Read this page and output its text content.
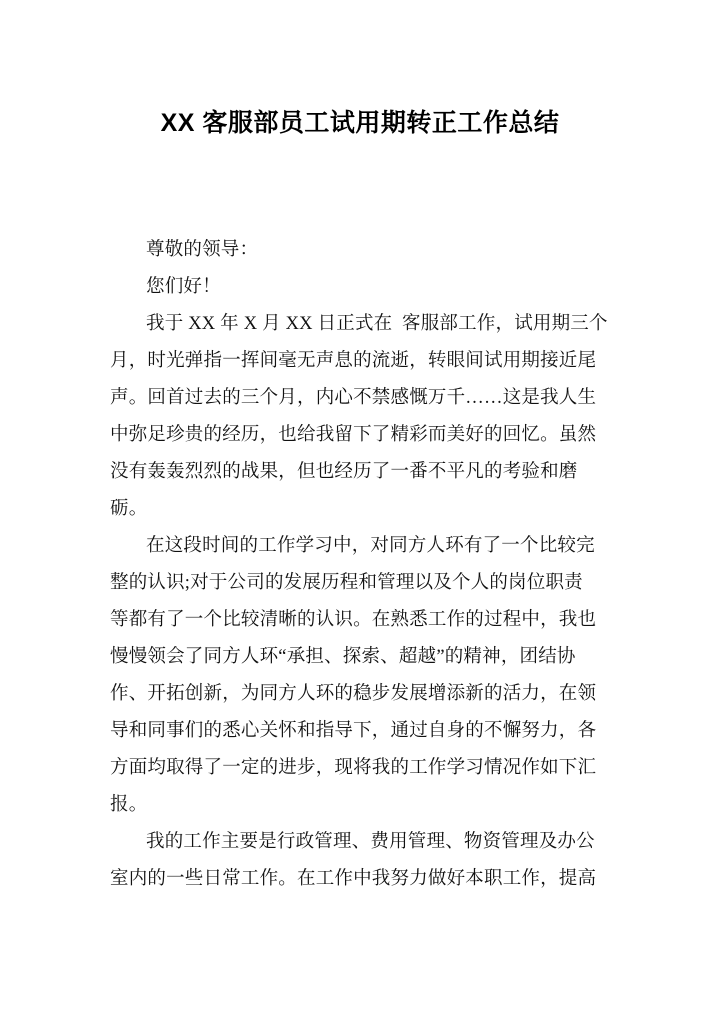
XX 客服部员工试用期转正工作总结
尊敬的领导：
您们好！
我于 XX 年 X 月 XX 日正式在  客服部工作，试用期三个
月，时光弹指一挥间毫无声息的流逝，转眼间试用期接近尾
声。回首过去的三个月，内心不禁感慨万千……这是我人生
中弥足珍贵的经历，也给我留下了精彩而美好的回忆。虽然
没有轰轰烈烈的战果，但也经历了一番不平凡的考验和磨
砺。
在这段时间的工作学习中，对同方人环有了一个比较完
整的认识;对于公司的发展历程和管理以及个人的岗位职责
等都有了一个比较清晰的认识。在熟悉工作的过程中，我也
慢慢领会了同方人环“承担、探索、超越”的精神，团结协
作、开拓创新，为同方人环的稳步发展增添新的活力，在领
导和同事们的悉心关怀和指导下，通过自身的不懈努力，各
方面均取得了一定的进步，现将我的工作学习情况作如下汇
报。
我的工作主要是行政管理、费用管理、物资管理及办公
室内的一些日常工作。在工作中我努力做好本职工作，提高
